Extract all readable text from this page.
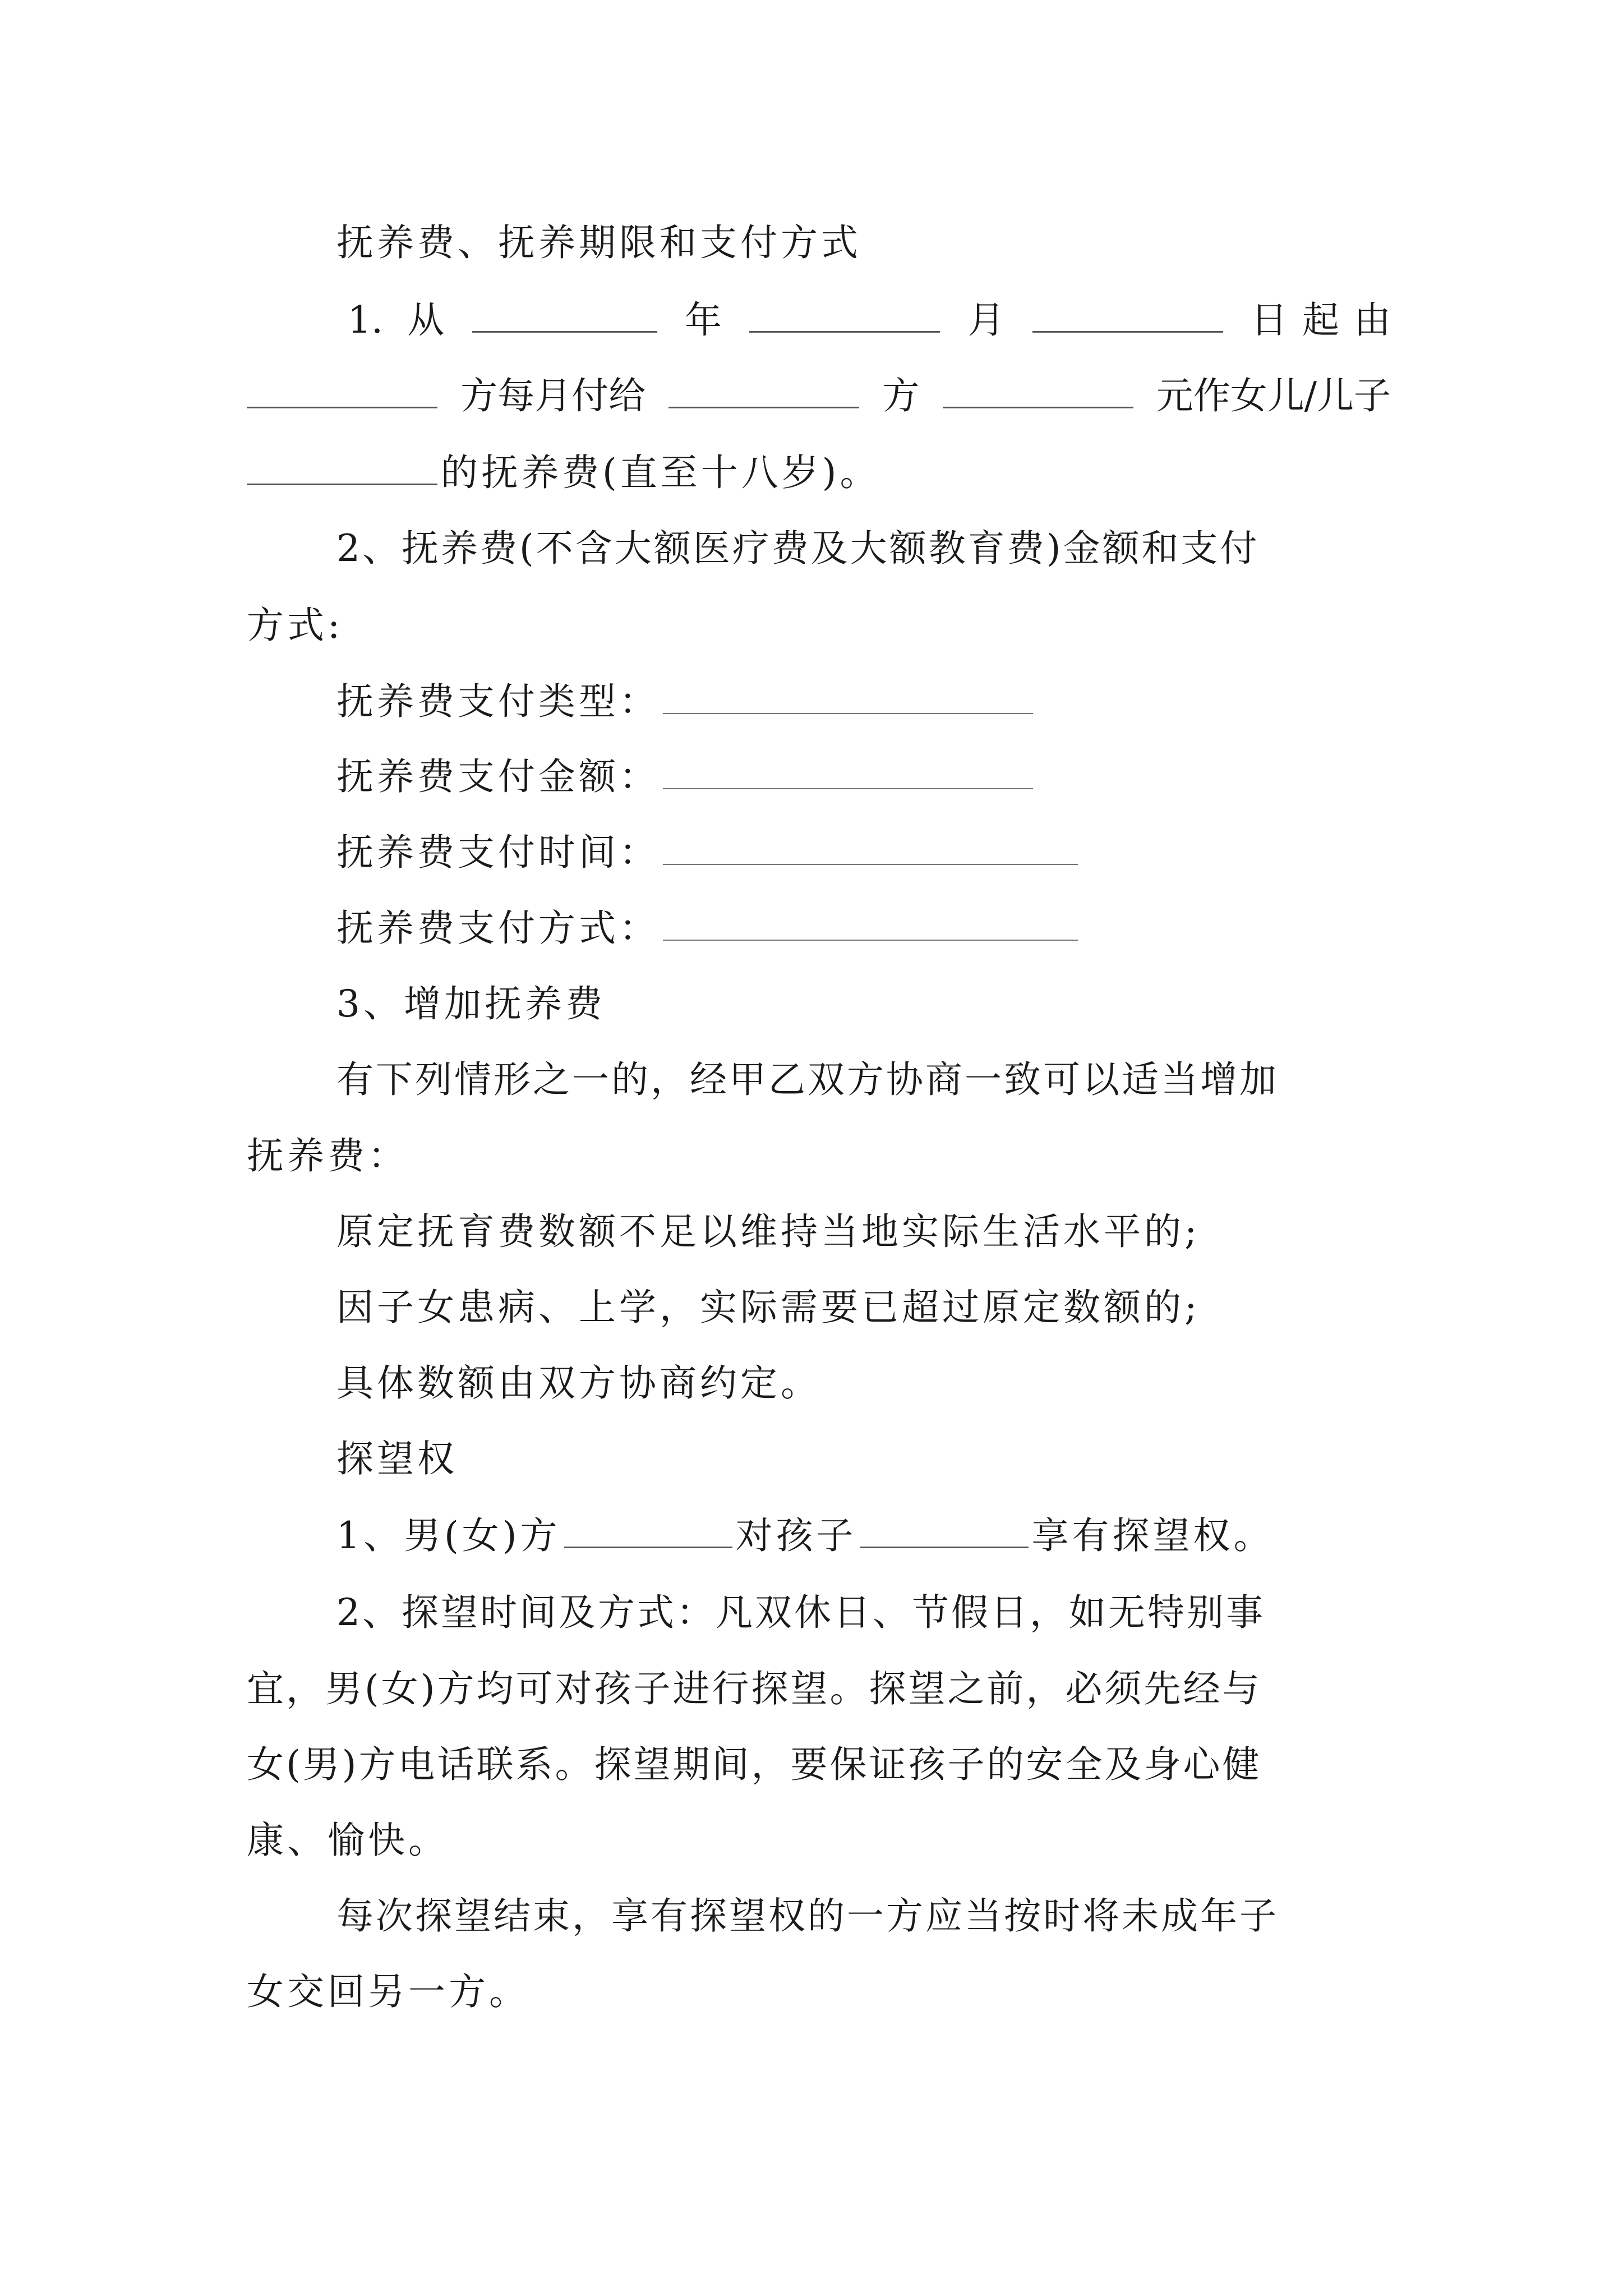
抚养费、抚养期限和支付方式
1. 从	年	月	日起由
方每月付给	方	元作女儿/儿子
的抚养费(直至十八岁)。
2、抚养费(不含大额医疗费及大额教育费)金额和支付
方式:
抚养费支付类型：
抚养费支付金额：
抚养费支付时间：
抚养费支付方式：
3、增加抚养费
有下列情形之一的，经甲乙双方协商一致可以适当增加
抚养费：
原定抚育费数额不足以维持当地实际生活水平的;
因子女患病、上学，实际需要已超过原定数额的;
具体数额由双方协商约定。
探望权
1、男(女)方	对孩子	享有探望权。
2、探望时间及方式：凡双休日、节假日，如无特别事
宜，男(女)方均可对孩子进行探望。探望之前，必须先经与
女(男)方电话联系。探望期间，要保证孩子的安全及身心健
康、愉快。
每次探望结束，享有探望权的一方应当按时将未成年子
女交回另一方。
